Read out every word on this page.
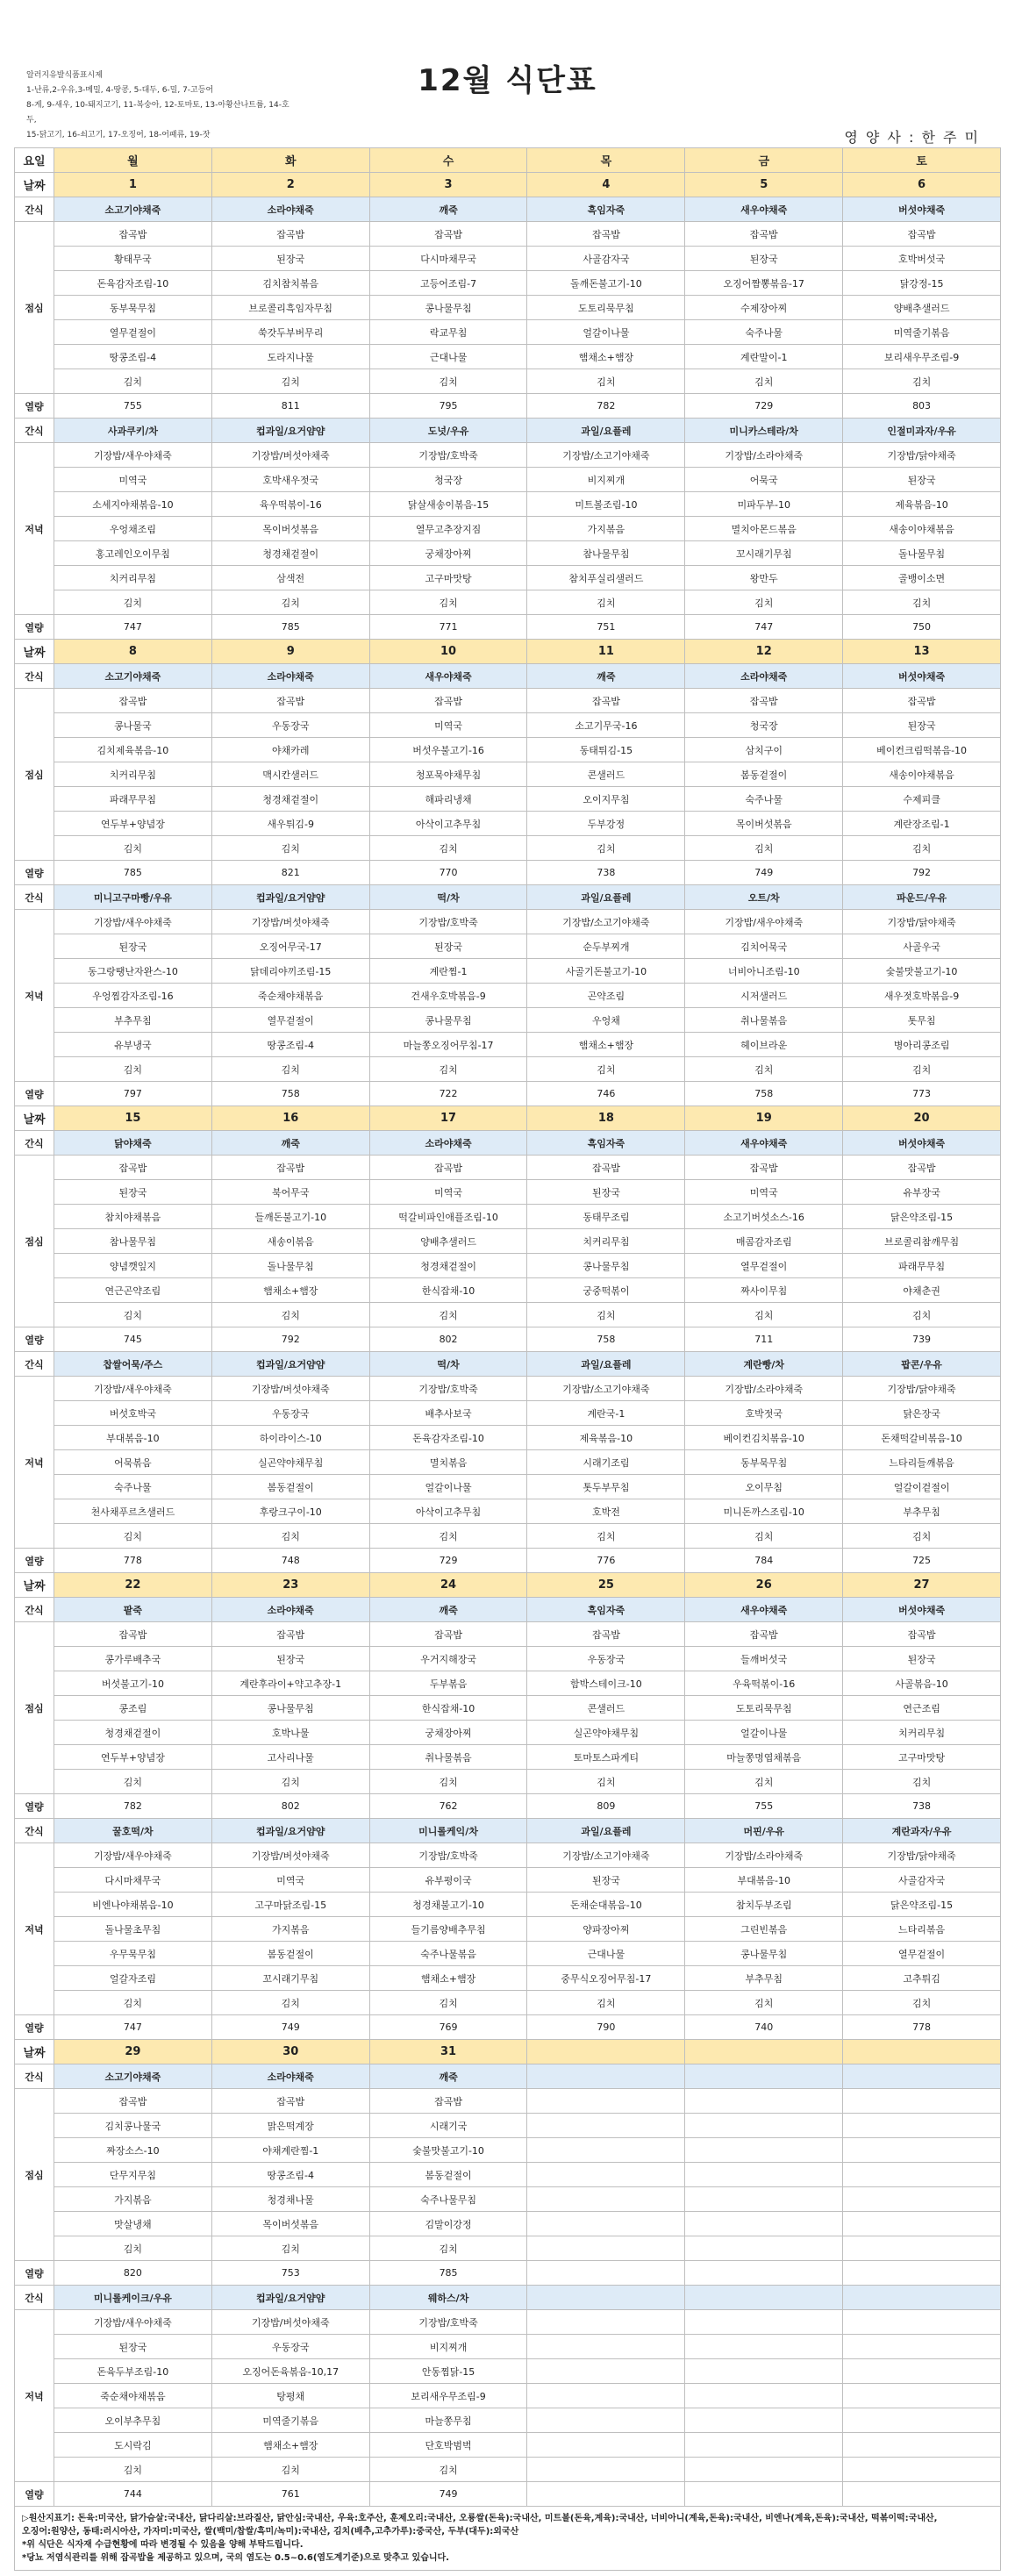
알러지유발식품표시제
1-난류,2-우유,3-메밀, 4-땅콩, 5-대두, 6-밀, 7-고등어
8-게, 9-새우, 10-돼지고기, 11-복숭아, 12-토마토, 13-아황산나트륨, 14-호두,
15-닭고기, 16-쇠고기, 17-오징어, 18-어패류, 19-잣
12월 식단표
영 양 사 : 한 주 미
요일	월	화	수	목	금	토
날짜	1	2	3	4	5	6
간식	소고기야채죽	소라야채죽	깨죽	흑임자죽	새우야채죽	버섯야채죽
점심	잡곡밥	잡곡밥	잡곡밥	잡곡밥	잡곡밥	잡곡밥
	황태무국	된장국	다시마채무국	사골감자국	된장국	호박버섯국
	돈육감자조림-10	김치참치볶음	고등어조림-7	돌깨돈불고기-10	오징어짬뽕볶음-17	닭강정-15
	동부묵무침	브로콜리흑임자무침	콩나물무침	도토리묵무침	수제장아찌	양배추샐러드
	열무겉절이	쑥갓두부버무리	락교무침	얼갈이나물	숙주나물	미역줄기볶음
	땅콩조림-4	도라지나물	근대나물	햄채소+햄장	계란말이-1	보리새우무조림-9
	김치	김치	김치	김치	김치	김치
열량	755	811	795	782	729	803
간식	사과쿠키/차	컵과일/요거얌얌	도넛/우유	과일/요플레	미니카스테라/차	인절미과자/우유
저녁	기장밥/새우야채죽	기장밥/버섯야채죽	기장밥/호박죽	기장밥/소고기야채죽	기장밥/소라야채죽	기장밥/닭야채죽
	미역국	호박새우젓국	청국장	비지찌개	어묵국	된장국
	소세지야채볶음-10	육우떡볶이-16	닭살새송이볶음-15	미트볼조림-10	미파두부-10	제육볶음-10
	우엉채조림	목이버섯볶음	열무고추장지짐	가지볶음	멸치아몬드볶음	새송이야채볶음
	홍고레인오이무침	청경채겉절이	궁채장아찌	참나물무침	꼬시래기무침	돌나물무침
	치커리무침	삼색전	고구마맛탕	참치푸실리샐러드	왕만두	골뱅이소면
	김치	김치	김치	김치	김치	김치
열량	747	785	771	751	747	750
날짜	8	9	10	11	12	13
간식	소고기야채죽	소라야채죽	새우야채죽	깨죽	소라야채죽	버섯야채죽
점심	잡곡밥	잡곡밥	잡곡밥	잡곡밥	잡곡밥	잡곡밥
	콩나물국	우동장국	미역국	소고기무국-16	청국장	된장국
	김치제육볶음-10	야채카레	버섯우불고기-16	동태튀김-15	삼치구이	베이컨크림떡볶음-10
	치커리무침	맥시칸샐러드	청포묵야채무침	콘샐러드	봄동겉절이	새송이야채볶음
	파래무무침	청경채겉절이	해파리냉채	오이지무침	숙주나물	수제피클
	연두부+양념장	새우튀김-9	아삭이고추무침	두부강정	목이버섯볶음	계란장조림-1
	김치	김치	김치	김치	김치	김치
열량	785	821	770	738	749	792
간식	미니고구마빵/우유	컵과일/요거얌얌	떡/차	과일/요플레	오트/차	파운드/우유
저녁	기장밥/새우야채죽	기장밥/버섯야채죽	기장밥/호박죽	기장밥/소고기야채죽	기장밥/새우야채죽	기장밥/닭야채죽
	된장국	오징어무국-17	된장국	순두부찌개	김치어묵국	사골우국
	동그랑땡난자완스-10	닭데리야끼조림-15	계란찜-1	사골기돈불고기-10	너비아니조림-10	숯불맛불고기-10
	우엉찜감자조림-16	죽순채야채볶음	건새우호박볶음-9	곤약조림	시저샐러드	새우젓호박볶음-9
	부추무침	열무겉절이	콩나물무침	우엉채	취나물볶음	톳무침
	유부냉국	땅콩조림-4	마늘쫑오징어무침-17	햄채소+햄장	헤이브라운	병아리콩조림
	김치	김치	김치	김치	김치	김치
열량	797	758	722	746	758	773
날짜	15	16	17	18	19	20
간식	닭야채죽	깨죽	소라야채죽	흑임자죽	새우야채죽	버섯야채죽
점심	잡곡밥	잡곡밥	잡곡밥	잡곡밥	잡곡밥	잡곡밥
	된장국	북어무국	미역국	된장국	미역국	유부장국
	참치야채볶음	들깨돈불고기-10	떡갈비파인애플조림-10	동태무조림	소고기버섯소스-16	닭은약조림-15
	참나물무침	새송이볶음	양배추샐러드	치커리무침	매콤감자조림	브로콜리참깨무침
	양념깻잎지	돌나물무침	청경채겉절이	콩나물무침	열무겉절이	파래무무침
	연근곤약조림	햄채소+햄장	한식잡채-10	궁중떡볶이	짜사이무침	야채춘권
	김치	김치	김치	김치	김치	김치
열량	745	792	802	758	711	739
간식	찹쌀어묵/주스	컵과일/요거얌얌	떡/차	과일/요플레	계란빵/차	팝콘/우유
저녁	기장밥/새우야채죽	기장밥/버섯야채죽	기장밥/호박죽	기장밥/소고기야채죽	기장밥/소라야채죽	기장밥/닭야채죽
	버섯호박국	우동장국	배추사보국	계란국-1	호박젓국	닭은장국
	부대볶음-10	하이라이스-10	돈육감자조림-10	제육볶음-10	베이컨김치볶음-10	돈채떡갈비볶음-10
	어묵볶음	실곤약야채무침	멸치볶음	시래기조림	동부묵무침	느타리들깨볶음
	숙주나물	봄동겉절이	얼갈이나물	톳두부무침	오이무침	얼갈이겉절이
	천사채푸르츠샐러드	후랑크구이-10	아삭이고추무침	호박전	미니돈까스조림-10	부추무침
	김치	김치	김치	김치	김치	김치
열량	778	748	729	776	784	725
날짜	22	23	24	25	26	27
간식	팥죽	소라야채죽	깨죽	흑임자죽	새우야채죽	버섯야채죽
점심	잡곡밥	잡곡밥	잡곡밥	잡곡밥	잡곡밥	잡곡밥
	콩가루배추국	된장국	우거지해장국	우동장국	들깨버섯국	된장국
	버섯불고기-10	계란후라이+약고추장-1	두부볶음	함박스테이크-10	우육떡볶이-16	사골볶음-10
	콩조림	콩나물무침	한식잡채-10	콘샐러드	도토리묵무침	연근조림
	청경채겉절이	호박나물	궁채장아찌	실곤약야채무침	얼갈이나물	치커리무침
	연두부+양념장	고사리나물	취나물볶음	토마토스파게티	마늘쫑명엽채볶음	고구마맛탕
	김치	김치	김치	김치	김치	김치
열량	782	802	762	809	755	738
간식	꿀호떡/차	컵과일/요거얌얌	미니롤케익/차	과일/요플레	머핀/우유	계란과자/우유
저녁	기장밥/새우야채죽	기장밥/버섯야채죽	기장밥/호박죽	기장밥/소고기야채죽	기장밥/소라야채죽	기장밥/닭야채죽
	다시마채무국	미역국	유부평이국	된장국	부대볶음-10	사골감자국
	비엔나야채볶음-10	고구마닭조림-15	청경채불고기-10	돈채순대볶음-10	참치두부조림	닭은약조림-15
	돌나물초무침	가지볶음	들기름양배추무침	양파장아찌	그린빈볶음	느타리볶음
	우무묵무침	봄동겉절이	숙주나물볶음	근대나물	콩나물무침	열무겉절이
	얼갈자조림	꼬시래기무침	햄채소+햄장	중무식오징어무침-17	부추무침	고추튀김
	김치	김치	김치	김치	김치	김치
열량	747	749	769	790	740	778
날짜	29	30	31			
간식	소고기야채죽	소라야채죽	깨죽			
점심	잡곡밥	잡곡밥	잡곡밥			
	김치콩나물국	맑은떡계장	시래기국			
	짜장소스-10	야채계란찜-1	숯불맛불고기-10			
	단무지무침	땅콩조림-4	봄동겉절이			
	가지볶음	청경채나물	숙주나물무침			
	맛살냉채	목이버섯볶음	김말이강정			
	김치	김치	김치			
열량	820	753	785			
간식	미니롤케이크/우유	컵과일/요거얌얌	웨하스/차			
저녁	기장밥/새우야채죽	기장밥/버섯야채죽	기장밥/호박죽			
	된장국	우동장국	비지찌개			
	돈육두부조림-10	오징어돈육볶음-10,17	안동찜닭-15			
	죽순채야채볶음	탕평채	보리새우무조림-9			
	오이부추무침	미역줄기볶음	마늘쫑무침			
	도시락김	햄채소+햄장	단호박범벅			
	김치	김치	김치			
열량	744	761	749			
▷원산지표기: 돈육:미국산, 닭가슴살:국내산, 닭다리살:브라질산, 닭안심:국내산, 우육:호주산, 훈제오리:국내산, 오룡쌀(돈육):국내산, 미트볼(돈육,계육):국내산, 너비아니(계육,돈육):국내산, 비엔나(계육,돈육):국내산, 떡볶이떡:국내산,
오징어:원양산, 동태:러시아산, 가자미:미국산, 쌀(백미/찹쌀/흑미/녹미):국내산, 김치(배추,고추가루):중국산, 두부(대두):외국산
*위 식단은 식자재 수급현황에 따라 변경될 수 있음을 양해 부탁드립니다.
*당뇨 저염식관리를 위해 잡곡밥을 제공하고 있으며, 국의 염도는 0.5~0.6(염도계기준)으로 맞추고 있습니다.
